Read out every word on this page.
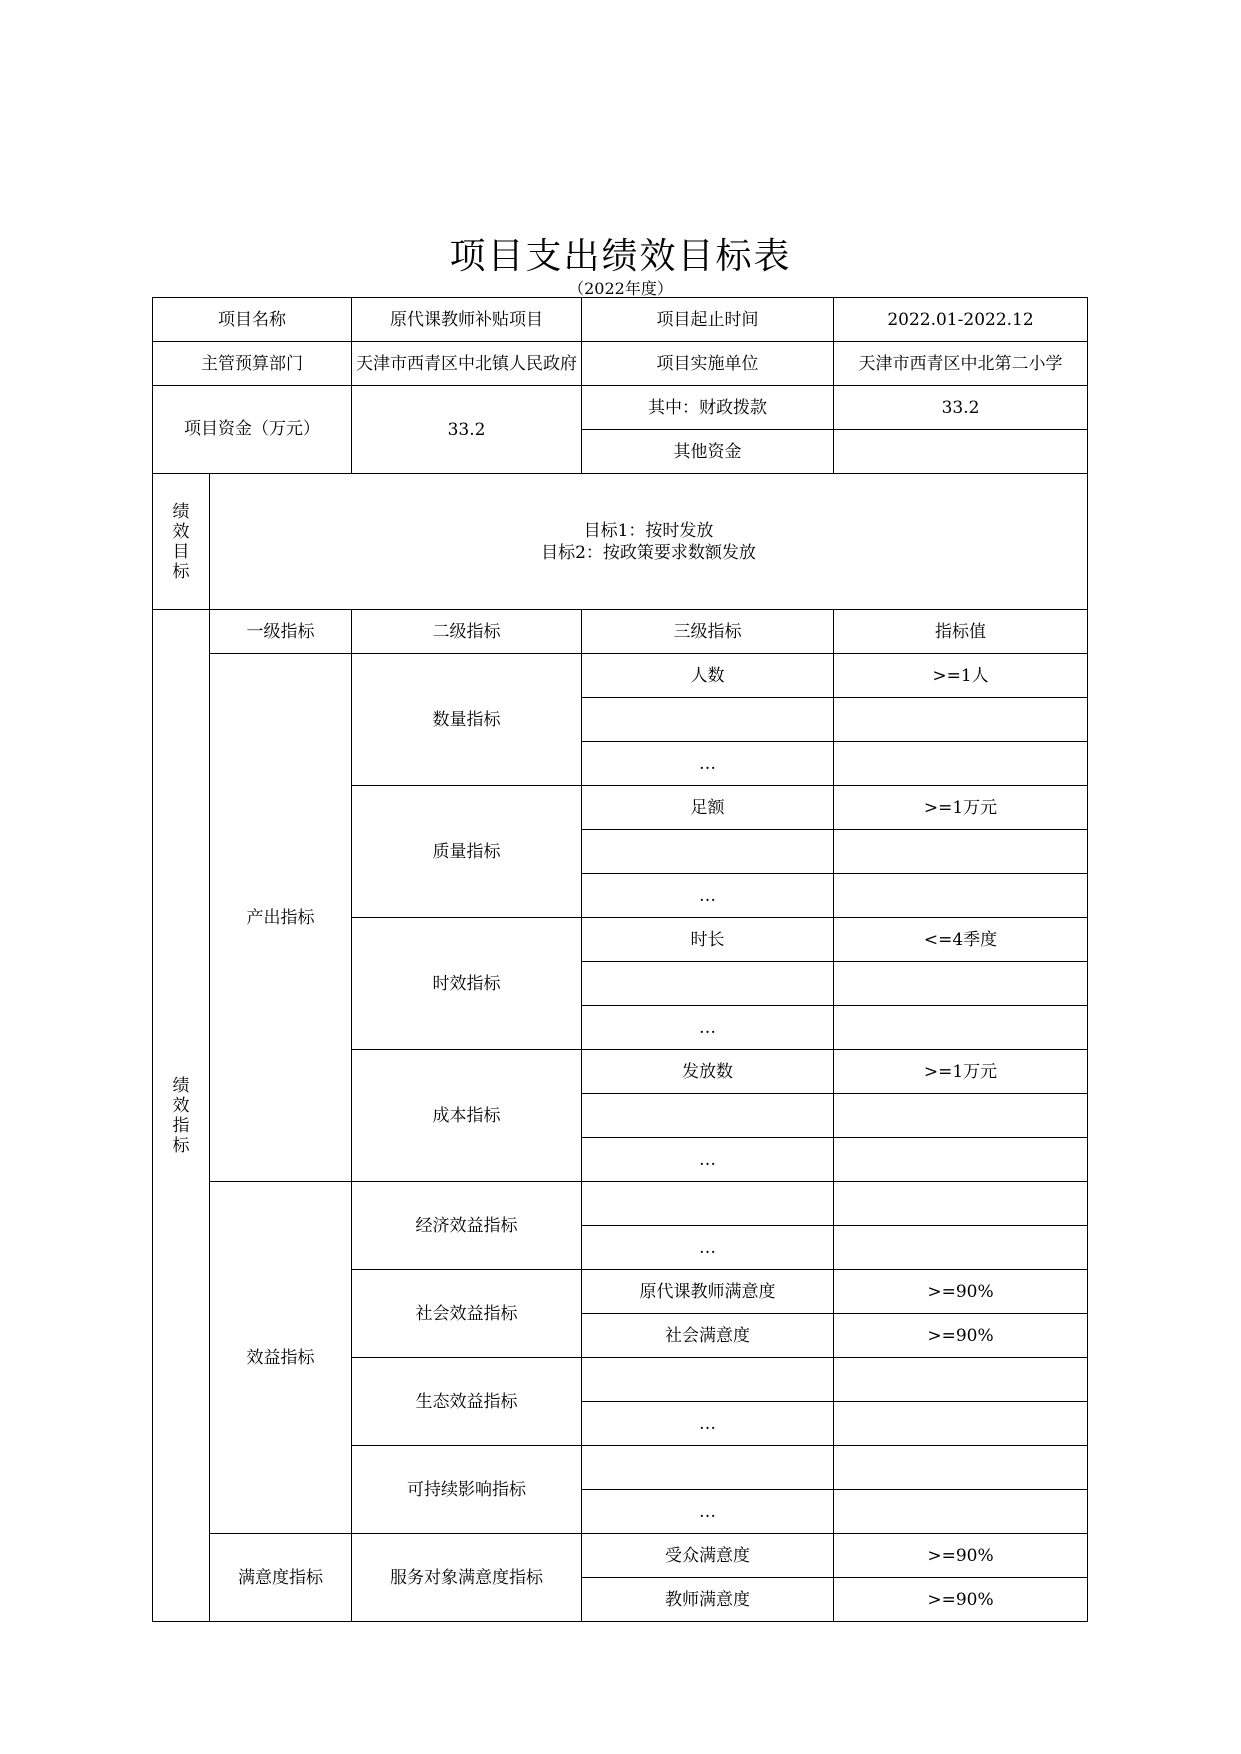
项目支出绩效目标表
（2022年度）
项目名称		原代课教师补贴项目	项目起止时间	2022.01-2022.12
主管预算部门		天津市西青区中北镇人民政府	项目实施单位	天津市西青区中北第二小学
项目资金（万元）		33.2	其中：财政拨款	33.2
			其他资金	
绩效目标	目标1：按时发放
目标2：按政策要求数额发放			

绩效指标	一级指标	二级指标	三级指标	指标值
	产出指标	数量指标	人数	>=1人

			…	
		质量指标	足额	>=1万元

			…	
		时效指标	时长	<=4季度

			…	
		成本指标	发放数	>=1万元

			…	
	效益指标	经济效益指标		
			…	
		社会效益指标	原代课教师满意度	>=90%
			社会满意度	>=90%
		生态效益指标		
			…	
		可持续影响指标		
			…	
	满意度指标	服务对象满意度指标	受众满意度	>=90%
			教师满意度	>=90%
